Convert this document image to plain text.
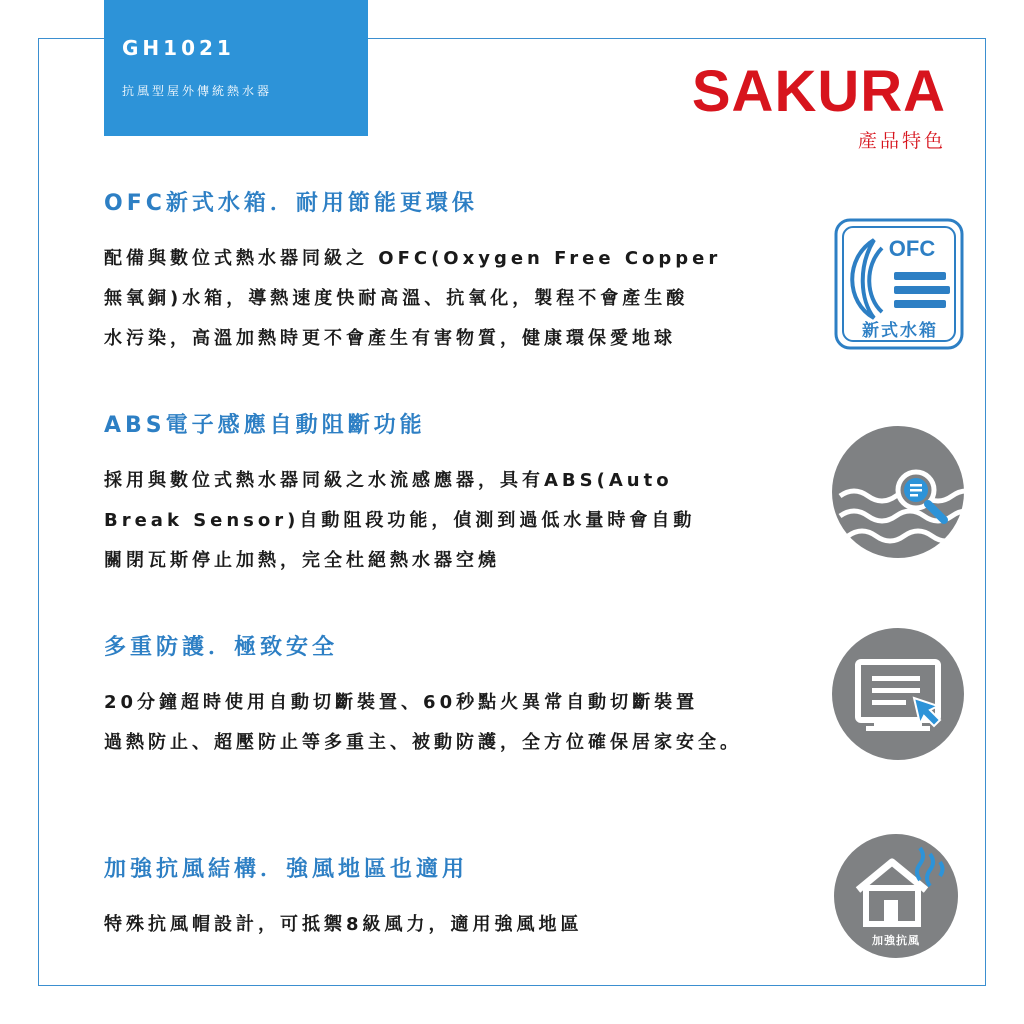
GH1021
抗風型屋外傳統熱水器	SAKURA
產品特色
OFC新式水箱．耐用節能更環保
配備與數位式熱水器同級之 OFC(Oxygen Free Copper
無氧銅)水箱，導熱速度快耐高溫、抗氧化，製程不會產生酸
水污染，高溫加熱時更不會產生有害物質，健康環保愛地球
ABS電子感應自動阻斷功能
採用與數位式熱水器同級之水流感應器，具有ABS(Auto
Break Sensor)自動阻段功能，偵測到過低水量時會自動
關閉瓦斯停止加熱，完全杜絕熱水器空燒
多重防護．極致安全
20分鐘超時使用自動切斷裝置、60秒點火異常自動切斷裝置
過熱防止、超壓防止等多重主、被動防護，全方位確保居家安全。
加強抗風結構．強風地區也適用
特殊抗風帽設計，可抵禦8級風力，適用強風地區
OFC
新式水箱
加強抗風
